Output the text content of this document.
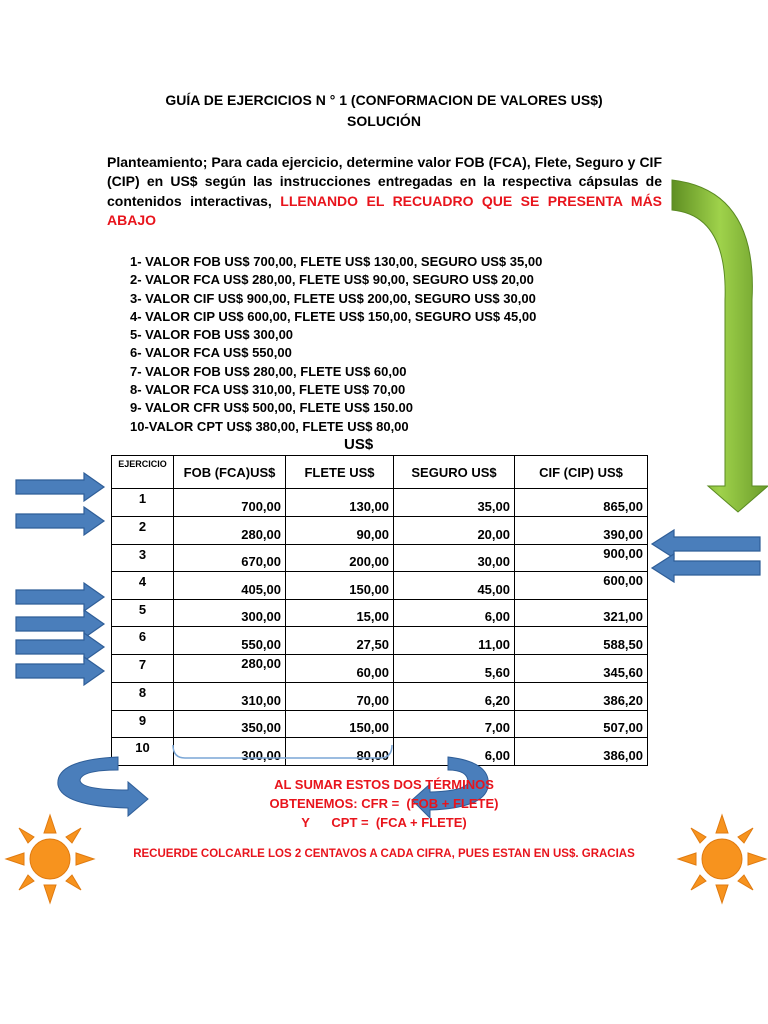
GUÍA DE EJERCICIOS N ° 1 (CONFORMACION DE VALORES US$)
SOLUCIÓN
Planteamiento; Para cada ejercicio, determine valor FOB (FCA), Flete, Seguro y CIF (CIP) en US$ según las instrucciones entregadas en la respectiva cápsulas de contenidos interactivas, LLENANDO EL RECUADRO QUE SE PRESENTA MÁS ABAJO
1- VALOR FOB US$ 700,00, FLETE US$ 130,00, SEGURO US$ 35,00
2- VALOR FCA US$ 280,00, FLETE US$ 90,00, SEGURO US$ 20,00
3- VALOR CIF US$ 900,00, FLETE US$ 200,00, SEGURO US$ 30,00
4- VALOR CIP US$ 600,00, FLETE US$ 150,00, SEGURO US$ 45,00
5- VALOR FOB US$ 300,00
6- VALOR FCA US$ 550,00
7- VALOR FOB US$ 280,00, FLETE US$ 60,00
8- VALOR FCA US$ 310,00, FLETE US$ 70,00
9- VALOR CFR US$ 500,00, FLETE US$ 150.00
10-VALOR CPT US$ 380,00, FLETE US$ 80,00
US$
EJERCICIO	FOB (FCA)US$	FLETE US$	SEGURO US$	CIF (CIP) US$
1	700,00	130,00	35,00	865,00
2	280,00	90,00	20,00	390,00
3	670,00	200,00	30,00	900,00
4	405,00	150,00	45,00	600,00
5	300,00	15,00	6,00	321,00
6	550,00	27,50	11,00	588,50
7	280,00	60,00	5,60	345,60
8	310,00	70,00	6,20	386,20
9	350,00	150,00	7,00	507,00
10	300,00	80,00	6,00	386,00
AL SUMAR ESTOS DOS TÉRMINOS
OBTENEMOS: CFR =  (FOB + FLETE)
Y      CPT =  (FCA + FLETE)
RECUERDE COLCARLE LOS 2 CENTAVOS A CADA CIFRA, PUES ESTAN EN US$. GRACIAS
